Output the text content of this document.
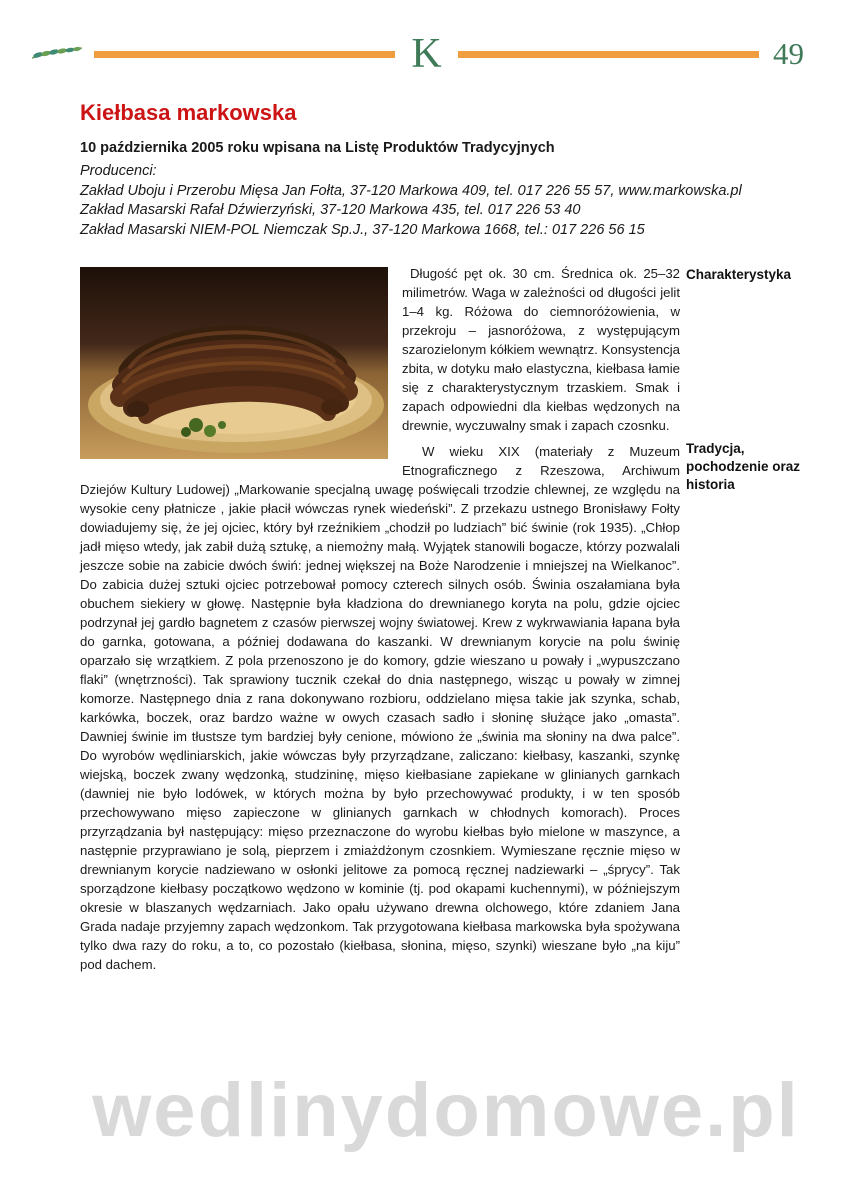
K	49
Kiełbasa markowska

10 października 2005 roku wpisana na Listę Produktów Tradycyjnych

Producenci:

Zakład Uboju i Przerobu Mięsa Jan Fołta, 37-120 Markowa 409, tel. 017 226 55 57, www.markowska.pl

Zakład Masarski Rafał Dźwierzyński, 37-120 Markowa 435, tel. 017 226 53 40

Zakład Masarski NIEM-POL Niemczak Sp.J., 37-120 Markowa 1668, tel.: 017 226 56 15

Długość pęt ok. 30 cm. Średnica ok. 25–32 milimetrów. Waga w zależności od długości jelit 1–4 kg. Różowa do ciemnoróżowienia, w przekroju – jasnoróżowa, z występującym szarozielonym kółkiem wewnątrz. Konsystencja zbita, w dotyku mało elastyczna, kiełbasa łamie się z charakterystycznym trzaskiem. Smak i zapach odpowiedni dla kiełbas wędzonych na drewnie, wyczuwalny smak i zapach czosnku.

W wieku XIX (materiały z Muzeum Etnograficznego z Rzeszowa, Archiwum Dziejów Kultury Ludowej) „Markowanie specjalną uwagę poświęcali trzodzie chlewnej, ze względu na wysokie ceny płatnicze , jakie płacił wówczas rynek wiedeński”. Z przekazu ustnego Bronisławy Fołty dowiadujemy się, że jej ojciec, który był rzeźnikiem „chodził po ludziach” bić świnie (rok 1935). „Chłop jadł mięso wtedy, jak zabił dużą sztukę, a niemożny małą. Wyjątek stanowili bogacze, którzy pozwalali jeszcze sobie na zabicie dwóch świń: jednej większej na Boże Narodzenie i mniejszej na Wielkanoc”. Do zabicia dużej sztuki ojciec potrzebował pomocy czterech silnych osób. Świnia oszałamiana była obuchem siekiery w głowę. Następnie była kładziona do drewnianego koryta na polu, gdzie ojciec podrzynał jej gardło bagnetem z czasów pierwszej wojny światowej. Krew z wykrwawiania łapana była do garnka, gotowana, a później dodawana do kaszanki. W drewnianym korycie na polu świnię oparzało się wrzątkiem. Z pola przenoszono je do komory, gdzie wieszano u powały i „wypuszczano flaki” (wnętrzności). Tak sprawiony tucznik czekał do dnia następnego, wisząc u powały w zimnej komorze. Następnego dnia z rana dokonywano rozbioru, oddzielano mięsa takie jak szynka, schab, karkówka, boczek, oraz bardzo ważne w owych czasach sadło i słoninę służące jako „omasta”. Dawniej świnie im tłustsze tym bardziej były cenione, mówiono że „świnia ma słoniny na dwa palce”. Do wyrobów wędliniarskich, jakie wówczas były przyrządzane, zaliczano: kiełbasy, kaszanki, szynkę wiejską, boczek zwany wędzonką, studzininę, mięso kiełbasiane zapiekane w glinianych garnkach (dawniej nie było lodówek, w których można by było przechowywać produkty, i w ten sposób przechowywano mięso zapieczone w glinianych garnkach w chłodnych komorach). Proces przyrządzania był następujący: mięso przeznaczone do wyrobu kiełbas było mielone w maszynce, a następnie przyprawiano je solą, pieprzem i zmiażdżonym czosnkiem. Wymieszane ręcznie mięso w drewnianym korycie nadziewano w osłonki jelitowe za pomocą ręcznej nadziewarki – „śprycy”. Tak sporządzone kiełbasy początkowo wędzono w kominie (tj. pod okapami kuchennymi), w późniejszym okresie w blaszanych wędzarniach. Jako opału używano drewna olchowego, które zdaniem Jana Grada nadaje przyjemny zapach wędzonkom. Tak przygotowana kiełbasa markowska była spożywana tylko dwa razy do roku, a to, co pozostało (kiełbasa, słonina, mięso, szynki) wieszane było „na kiju” pod dachem.

Charakterystyka
Tradycja, pochodzenie oraz historia
wedlinydomowe.pl
